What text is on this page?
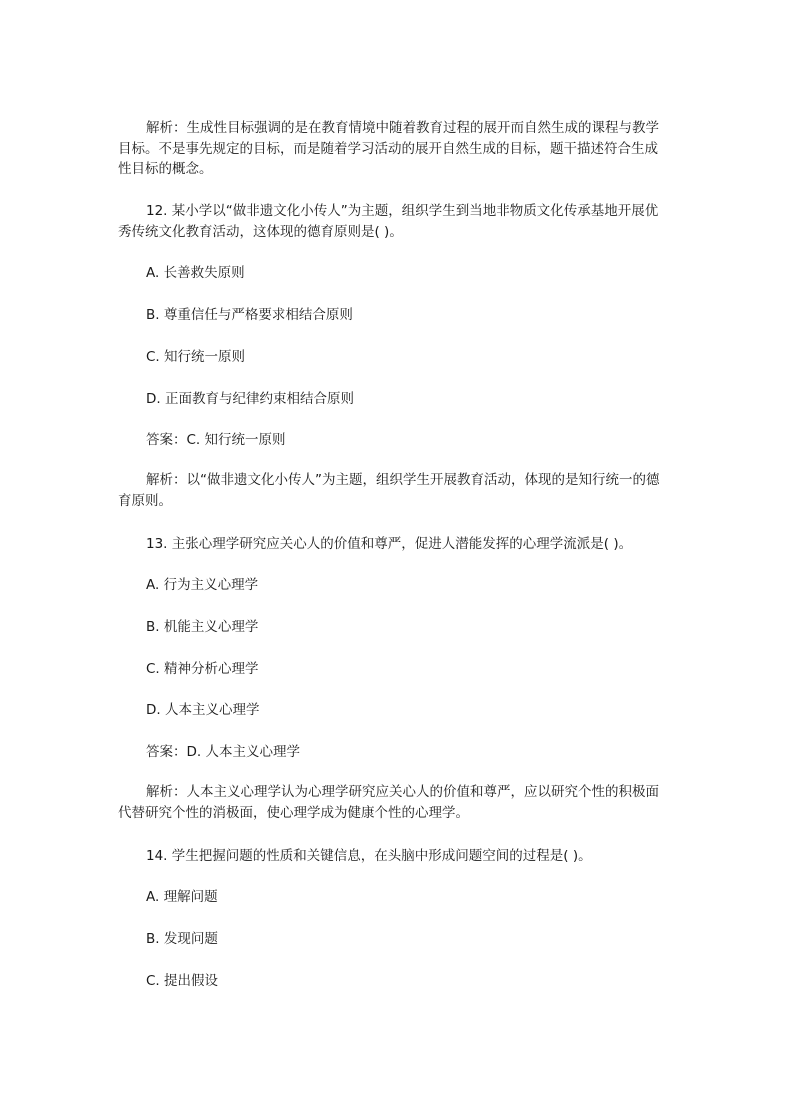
解析：生成性目标强调的是在教育情境中随着教育过程的展开而自然生成的课程与教学目标。不是事先规定的目标，而是随着学习活动的展开自然生成的目标，题干描述符合生成性目标的概念。

12. 某小学以“做非遗文化小传人”为主题，组织学生到当地非物质文化传承基地开展优秀传统文化教育活动，这体现的德育原则是( )。

A. 长善救失原则

B. 尊重信任与严格要求相结合原则

C. 知行统一原则

D. 正面教育与纪律约束相结合原则

答案：C. 知行统一原则

解析：以“做非遗文化小传人”为主题，组织学生开展教育活动，体现的是知行统一的德育原则。

13. 主张心理学研究应关心人的价值和尊严，促进人潜能发挥的心理学流派是( )。

A. 行为主义心理学

B. 机能主义心理学

C. 精神分析心理学

D. 人本主义心理学

答案：D. 人本主义心理学

解析：人本主义心理学认为心理学研究应关心人的价值和尊严，应以研究个性的积极面代替研究个性的消极面，使心理学成为健康个性的心理学。

14. 学生把握问题的性质和关键信息，在头脑中形成问题空间的过程是( )。

A. 理解问题

B. 发现问题

C. 提出假设
